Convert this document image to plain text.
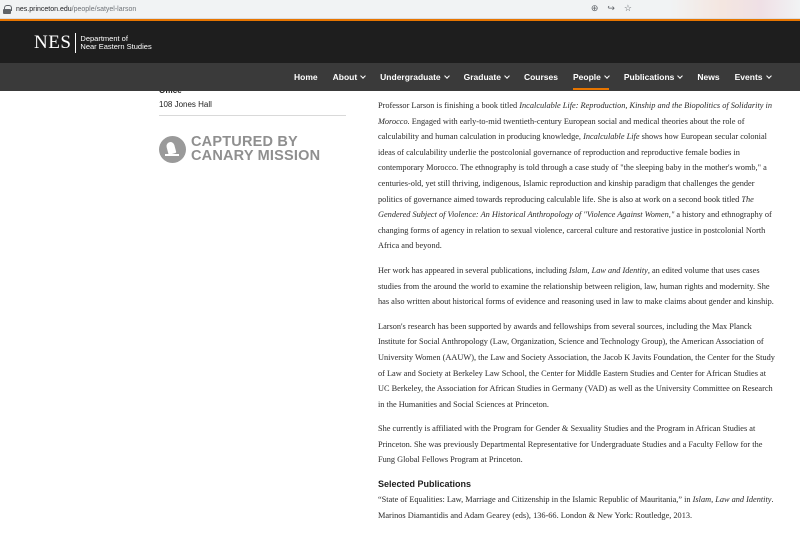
nes.princeton.edu/people/satyel-larson	⊕ ↪ ☆
NES	Department of
Near Eastern Studies
Home About	Undergraduate	Graduate	Courses People	Publications	News Events
108 Jones Hall
CAPTURED BY
CANARY MISSION

Professor Larson is finishing a book titled Incalculable Life: Reproduction, Kinship and the Biopolitics of Solidarity in Morocco. Engaged with early-to-mid twentieth-century European social and medical theories about the role of calculability and human calculation in producing knowledge, Incalculable Life shows how European secular colonial ideas of calculability underlie the postcolonial governance of reproduction and reproductive female bodies in contemporary Morocco. The ethnography is told through a case study of "the sleeping baby in the mother's womb," a centuries-old, yet still thriving, indigenous, Islamic reproduction and kinship paradigm that challenges the gender politics of governance aimed towards reproducing calculable life. She is also at work on a second book titled The Gendered Subject of Violence: An Historical Anthropology of "Violence Against Women," a history and ethnography of changing forms of agency in relation to sexual violence, carceral culture and restorative justice in postcolonial North Africa and beyond.

Her work has appeared in several publications, including Islam, Law and Identity, an edited volume that uses cases studies from the around the world to examine the relationship between religion, law, human rights and modernity. She has also written about historical forms of evidence and reasoning used in law to make claims about gender and kinship.

Larson's research has been supported by awards and fellowships from several sources, including the Max Planck Institute for Social Anthropology (Law, Organization, Science and Technology Group), the American Association of University Women (AAUW), the Law and Society Association, the Jacob K Javits Foundation, the Center for the Study of Law and Society at Berkeley Law School, the Center for Middle Eastern Studies and Center for African Studies at UC Berkeley, the Association for African Studies in Germany (VAD) as well as the University Committee on Research in the Humanities and Social Sciences at Princeton.

She currently is affiliated with the Program for Gender & Sexuality Studies and the Program in African Studies at Princeton. She was previously Departmental Representative for Undergraduate Studies and a Faculty Fellow for the Fung Global Fellows Program at Princeton.

Selected Publications

“State of Equalities: Law, Marriage and Citizenship in the Islamic Republic of Mauritania,” in Islam, Law and Identity. Marinos Diamantidis and Adam Gearey (eds), 136-66. London & New York: Routledge, 2013.
